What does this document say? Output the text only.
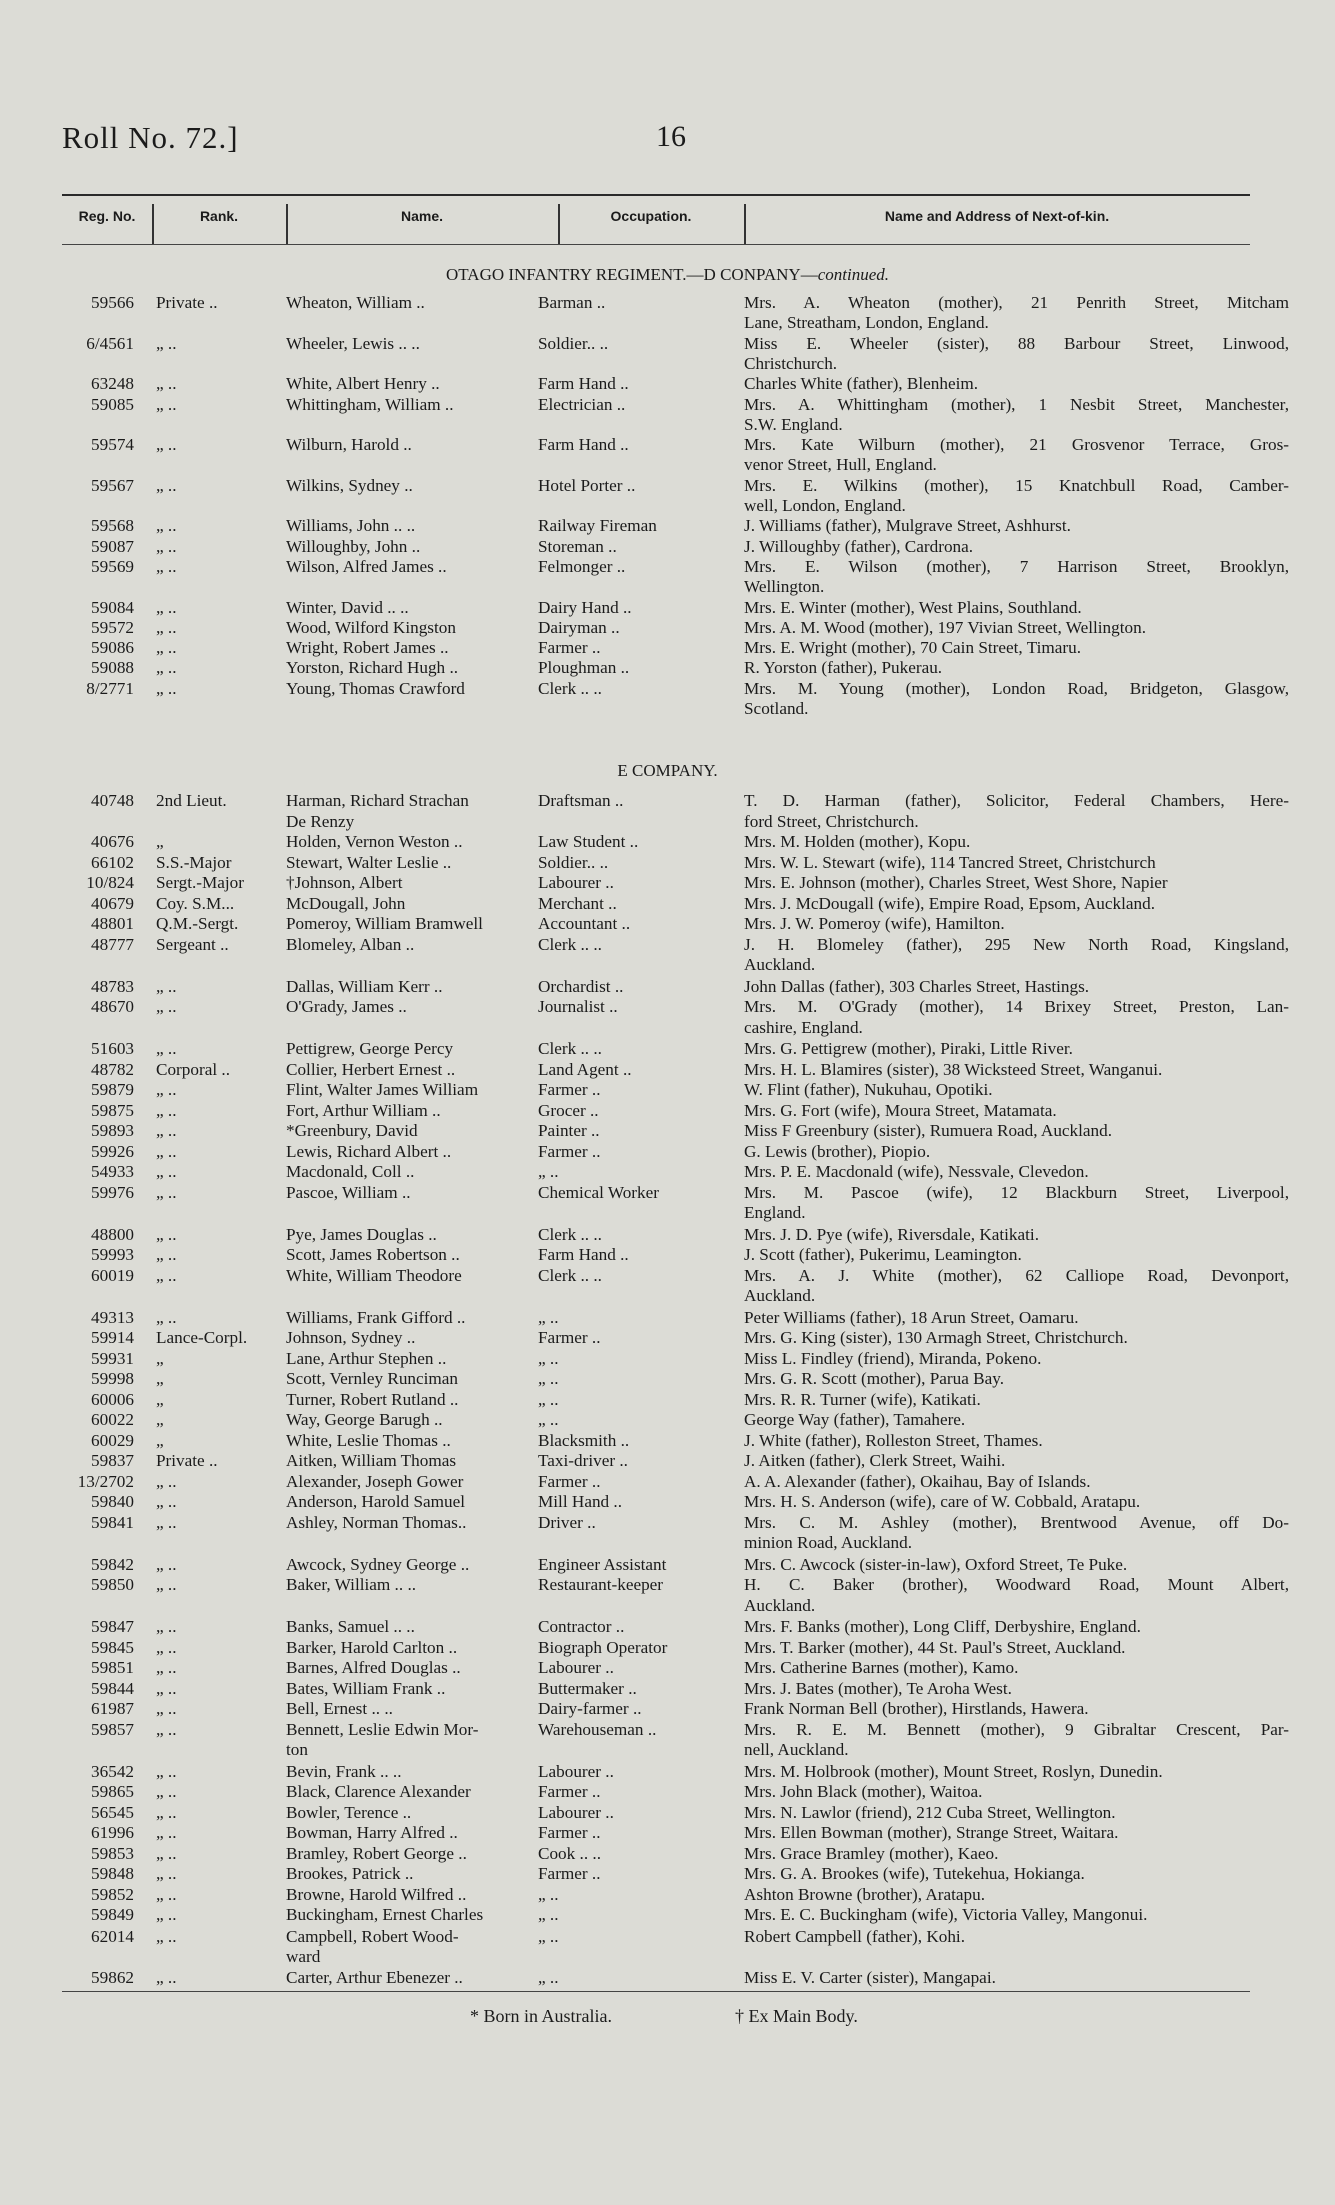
Roll No. 72.]	16
Reg. No.	Rank.	Name.	Occupation.	Name and Address of Next-of-kin.
OTAGO INFANTRY REGIMENT.—D CONPANY—continued.
59566 Private ..	Wheaton, William ..	Barman ..	Mrs. A. Wheaton (mother), 21 Penrith Street, Mitcham
Lane, Streatham, London, England.
6/4561 „ ..	Wheeler, Lewis .. ..	Soldier.. ..	Miss E. Wheeler (sister), 88 Barbour Street, Linwood,
Christchurch.
63248 „ ..	White, Albert Henry ..	Farm Hand ..	Charles White (father), Blenheim.
59085 „ ..	Whittingham, William ..	Electrician ..	Mrs. A. Whittingham (mother), 1 Nesbit Street, Manchester,
S.W. England.
59574 „ ..	Wilburn, Harold ..	Farm Hand ..	Mrs. Kate Wilburn (mother), 21 Grosvenor Terrace, Gros-
venor Street, Hull, England.
59567 „ ..	Wilkins, Sydney ..	Hotel Porter ..	Mrs. E. Wilkins (mother), 15 Knatchbull Road, Camber-
well, London, England.
59568 „ ..	Williams, John .. ..	Railway Fireman	J. Williams (father), Mulgrave Street, Ashhurst.
59087 „ ..	Willoughby, John ..	Storeman ..	J. Willoughby (father), Cardrona.
59569 „ ..	Wilson, Alfred James ..	Felmonger ..	Mrs. E. Wilson (mother), 7 Harrison Street, Brooklyn,
Wellington.
59084 „ ..	Winter, David .. ..	Dairy Hand ..	Mrs. E. Winter (mother), West Plains, Southland.
59572 „ ..	Wood, Wilford Kingston	Dairyman ..	Mrs. A. M. Wood (mother), 197 Vivian Street, Wellington.
59086 „ ..	Wright, Robert James ..	Farmer ..	Mrs. E. Wright (mother), 70 Cain Street, Timaru.
59088 „ ..	Yorston, Richard Hugh ..	Ploughman ..	R. Yorston (father), Pukerau.
8/2771 „ ..	Young, Thomas Crawford	Clerk .. ..	Mrs. M. Young (mother), London Road, Bridgeton, Glasgow,
Scotland.
E COMPANY.
40748 2nd Lieut.	Harman, Richard Strachan
De Renzy
Draftsman ..	T. D. Harman (father), Solicitor, Federal Chambers, Here-
ford Street, Christchurch.
40676 „	Holden, Vernon Weston ..	Law Student ..	Mrs. M. Holden (mother), Kopu.
66102 S.S.-Major	Stewart, Walter Leslie ..	Soldier.. ..	Mrs. W. L. Stewart (wife), 114 Tancred Street, Christchurch
10/824 Sergt.-Major	†Johnson, Albert	Labourer ..	Mrs. E. Johnson (mother), Charles Street, West Shore, Napier
40679 Coy. S.M...	McDougall, John	Merchant ..	Mrs. J. McDougall (wife), Empire Road, Epsom, Auckland.
48801 Q.M.-Sergt.	Pomeroy, William Bramwell	Accountant ..	Mrs. J. W. Pomeroy (wife), Hamilton.
48777 Sergeant ..	Blomeley, Alban ..	Clerk .. ..	J. H. Blomeley (father), 295 New North Road, Kingsland,
Auckland.
48783 „ ..	Dallas, William Kerr ..	Orchardist ..	John Dallas (father), 303 Charles Street, Hastings.
48670 „ ..	O'Grady, James ..	Journalist ..	Mrs. M. O'Grady (mother), 14 Brixey Street, Preston, Lan-
cashire, England.
51603 „ ..	Pettigrew, George Percy	Clerk .. ..	Mrs. G. Pettigrew (mother), Piraki, Little River.
48782 Corporal ..	Collier, Herbert Ernest ..	Land Agent ..	Mrs. H. L. Blamires (sister), 38 Wicksteed Street, Wanganui.
59879 „ ..	Flint, Walter James William	Farmer ..	W. Flint (father), Nukuhau, Opotiki.
59875 „ ..	Fort, Arthur William ..	Grocer ..	Mrs. G. Fort (wife), Moura Street, Matamata.
59893 „ ..	*Greenbury, David	Painter ..	Miss F Greenbury (sister), Rumuera Road, Auckland.
59926 „ ..	Lewis, Richard Albert ..	Farmer ..	G. Lewis (brother), Piopio.
54933 „ ..	Macdonald, Coll ..	„ ..	Mrs. P. E. Macdonald (wife), Nessvale, Clevedon.
59976 „ ..	Pascoe, William ..	Chemical Worker	Mrs. M. Pascoe (wife), 12 Blackburn Street, Liverpool,
England.
48800 „ ..	Pye, James Douglas ..	Clerk .. ..	Mrs. J. D. Pye (wife), Riversdale, Katikati.
59993 „ ..	Scott, James Robertson ..	Farm Hand ..	J. Scott (father), Pukerimu, Leamington.
60019 „ ..	White, William Theodore	Clerk .. ..	Mrs. A. J. White (mother), 62 Calliope Road, Devonport,
Auckland.
49313 „ ..	Williams, Frank Gifford ..	„ ..	Peter Williams (father), 18 Arun Street, Oamaru.
59914 Lance-Corpl.	Johnson, Sydney ..	Farmer ..	Mrs. G. King (sister), 130 Armagh Street, Christchurch.
59931 „	Lane, Arthur Stephen ..	„ ..	Miss L. Findley (friend), Miranda, Pokeno.
59998 „	Scott, Vernley Runciman	„ ..	Mrs. G. R. Scott (mother), Parua Bay.
60006 „	Turner, Robert Rutland ..	„ ..	Mrs. R. R. Turner (wife), Katikati.
60022 „	Way, George Barugh ..	„ ..	George Way (father), Tamahere.
60029 „	White, Leslie Thomas ..	Blacksmith ..	J. White (father), Rolleston Street, Thames.
59837 Private ..	Aitken, William Thomas	Taxi-driver ..	J. Aitken (father), Clerk Street, Waihi.
13/2702 „ ..	Alexander, Joseph Gower	Farmer ..	A. A. Alexander (father), Okaihau, Bay of Islands.
59840 „ ..	Anderson, Harold Samuel	Mill Hand ..	Mrs. H. S. Anderson (wife), care of W. Cobbald, Aratapu.
59841 „ ..	Ashley, Norman Thomas..	Driver ..	Mrs. C. M. Ashley (mother), Brentwood Avenue, off Do-
minion Road, Auckland.
59842 „ ..	Awcock, Sydney George ..	Engineer Assistant	Mrs. C. Awcock (sister-in-law), Oxford Street, Te Puke.
59850 „ ..	Baker, William .. ..	Restaurant-keeper	H. C. Baker (brother), Woodward Road, Mount Albert,
Auckland.
59847 „ ..	Banks, Samuel .. ..	Contractor ..	Mrs. F. Banks (mother), Long Cliff, Derbyshire, England.
59845 „ ..	Barker, Harold Carlton ..	Biograph Operator	Mrs. T. Barker (mother), 44 St. Paul's Street, Auckland.
59851 „ ..	Barnes, Alfred Douglas ..	Labourer ..	Mrs. Catherine Barnes (mother), Kamo.
59844 „ ..	Bates, William Frank ..	Buttermaker ..	Mrs. J. Bates (mother), Te Aroha West.
61987 „ ..	Bell, Ernest .. ..	Dairy-farmer ..	Frank Norman Bell (brother), Hirstlands, Hawera.
59857 „ ..	Bennett, Leslie Edwin Mor-
ton
Warehouseman ..	Mrs. R. E. M. Bennett (mother), 9 Gibraltar Crescent, Par-
nell, Auckland.
36542 „ ..	Bevin, Frank .. ..	Labourer ..	Mrs. M. Holbrook (mother), Mount Street, Roslyn, Dunedin.
59865 „ ..	Black, Clarence Alexander	Farmer ..	Mrs. John Black (mother), Waitoa.
56545 „ ..	Bowler, Terence ..	Labourer ..	Mrs. N. Lawlor (friend), 212 Cuba Street, Wellington.
61996 „ ..	Bowman, Harry Alfred ..	Farmer ..	Mrs. Ellen Bowman (mother), Strange Street, Waitara.
59853 „ ..	Bramley, Robert George ..	Cook .. ..	Mrs. Grace Bramley (mother), Kaeo.
59848 „ ..	Brookes, Patrick ..	Farmer ..	Mrs. G. A. Brookes (wife), Tutekehua, Hokianga.
59852 „ ..	Browne, Harold Wilfred ..	„ ..	Ashton Browne (brother), Aratapu.
59849 „ ..	Buckingham, Ernest Charles	„ ..	Mrs. E. C. Buckingham (wife), Victoria Valley, Mangonui.
62014 „ ..	Campbell, Robert Wood-
ward
„ ..	Robert Campbell (father), Kohi.
59862 „ ..	Carter, Arthur Ebenezer ..	„ ..	Miss E. V. Carter (sister), Mangapai.
* Born in Australia.	† Ex Main Body.
